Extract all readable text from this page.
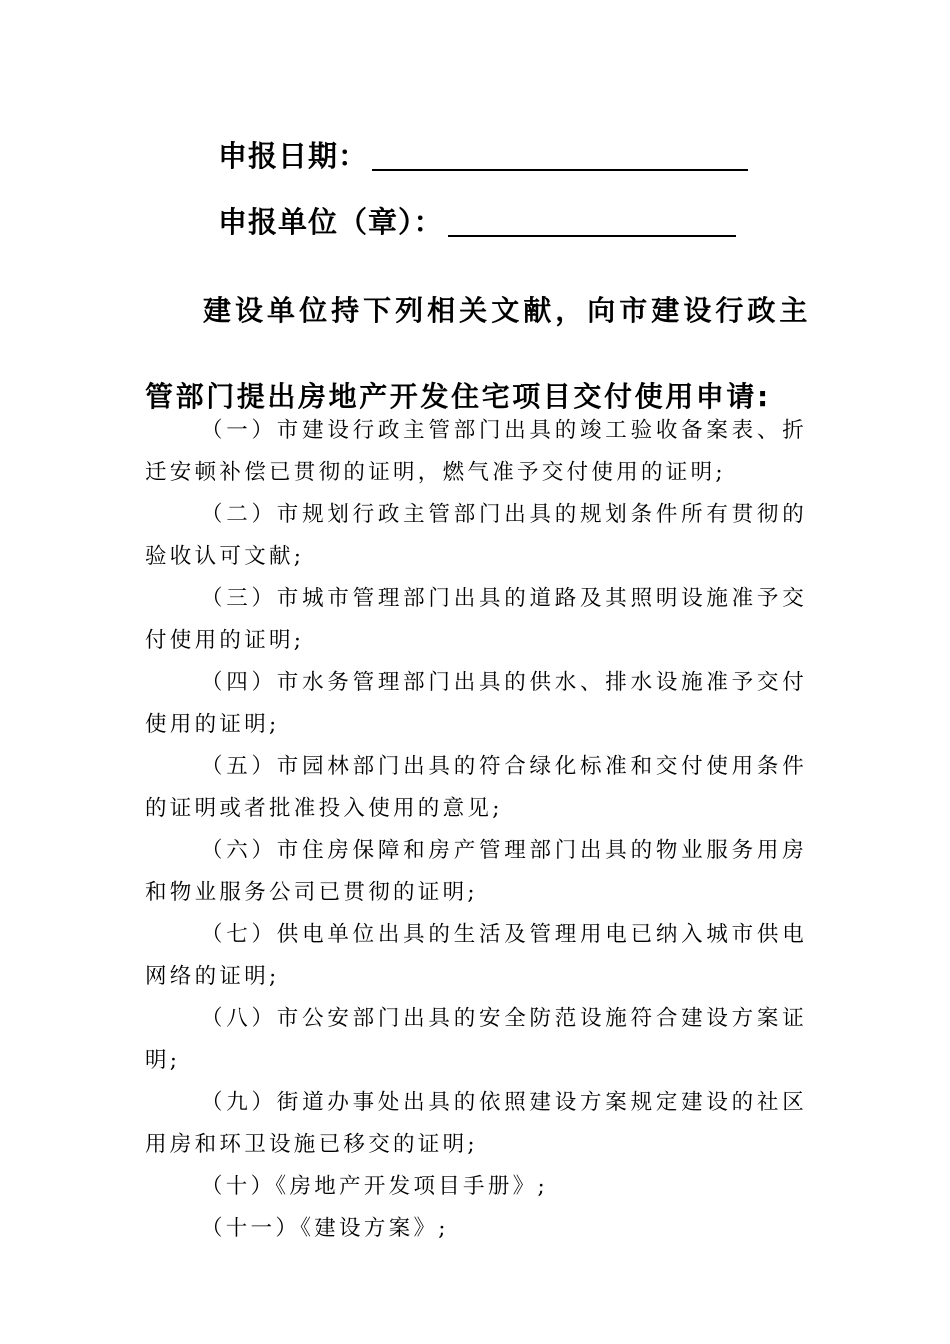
申报日期：
申报单位（章）：

建设单位持下列相关文献，向市建设行政主管部门提出房地产开发住宅项目交付使用申请:

（一）市建设行政主管部门出具的竣工验收备案表、折迁安顿补偿已贯彻的证明，燃气准予交付使用的证明;
（二）市规划行政主管部门出具的规划条件所有贯彻的验收认可文献;
（三）市城市管理部门出具的道路及其照明设施准予交付使用的证明;
（四）市水务管理部门出具的供水、排水设施准予交付使用的证明;
（五）市园林部门出具的符合绿化标准和交付使用条件的证明或者批准投入使用的意见;
（六）市住房保障和房产管理部门出具的物业服务用房和物业服务公司已贯彻的证明;
（七）供电单位出具的生活及管理用电已纳入城市供电网络的证明;
（八）市公安部门出具的安全防范设施符合建设方案证明;
（九）街道办事处出具的依照建设方案规定建设的社区用房和环卫设施已移交的证明;
（十）《房地产开发项目手册》;
（十一）《建设方案》;
